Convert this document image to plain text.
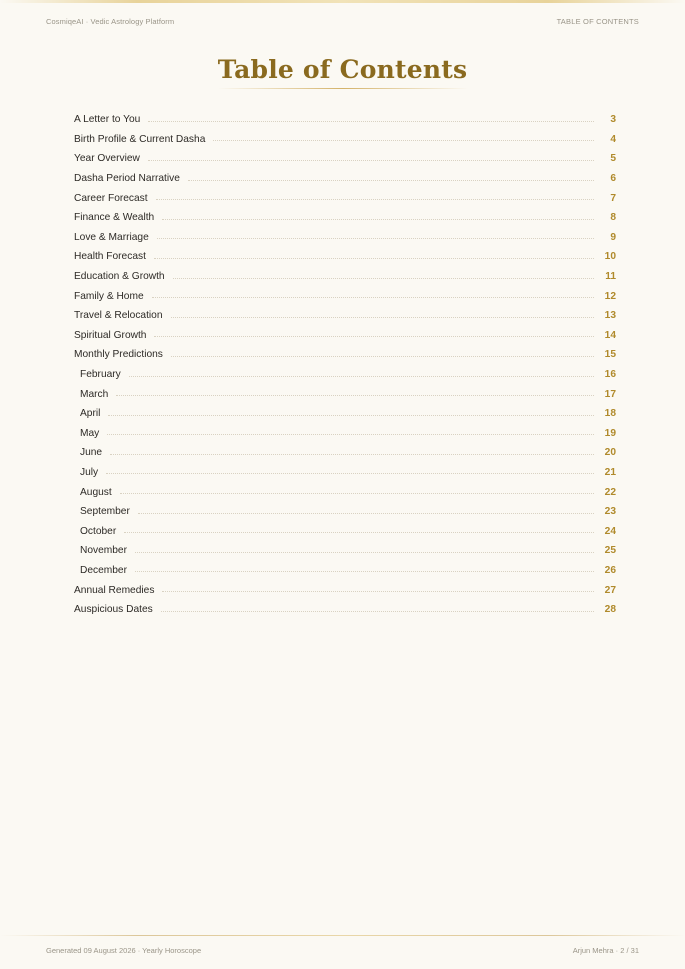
CosmiqeAI · Vedic Astrology Platform	TABLE OF CONTENTS
Table of Contents
A Letter to You	3
Birth Profile & Current Dasha	4
Year Overview	5
Dasha Period Narrative	6
Career Forecast	7
Finance & Wealth	8
Love & Marriage	9
Health Forecast	10
Education & Growth	11
Family & Home	12
Travel & Relocation	13
Spiritual Growth	14
Monthly Predictions	15
February	16
March	17
April	18
May	19
June	20
July	21
August	22
September	23
October	24
November	25
December	26
Annual Remedies	27
Auspicious Dates	28
Generated 09 August 2026 · Yearly Horoscope	Arjun Mehra · 2 / 31
